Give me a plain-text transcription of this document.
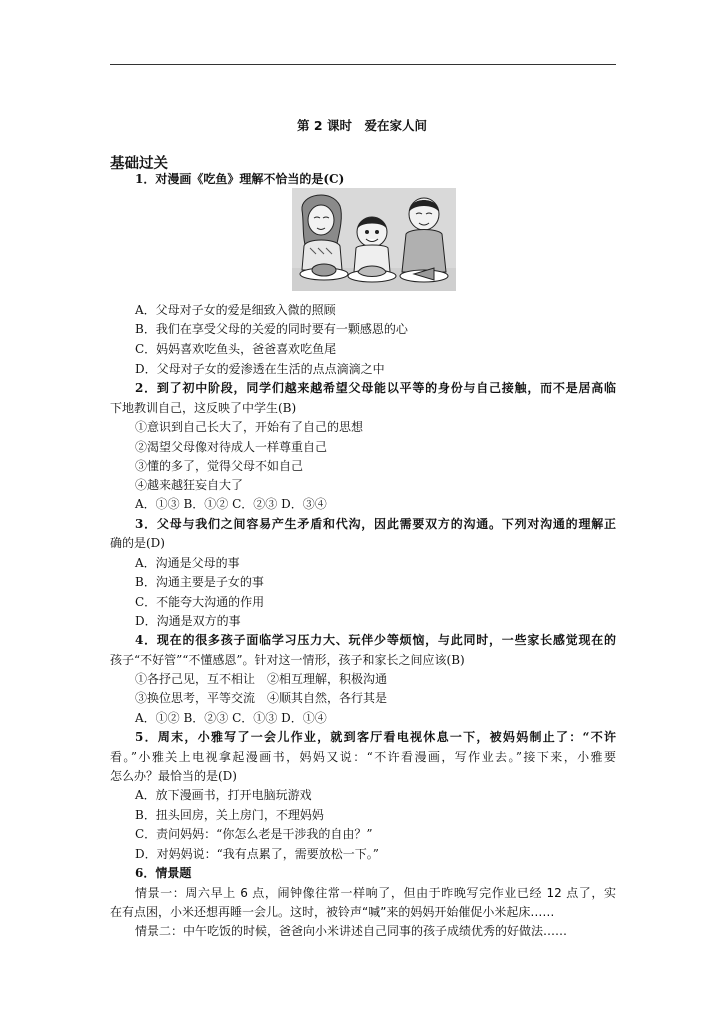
第 2 课时　爱在家人间
基础过关
1．对漫画《吃鱼》理解不恰当的是(C)
A．父母对子女的爱是细致入微的照顾
B．我们在享受父母的关爱的同时要有一颗感恩的心
C．妈妈喜欢吃鱼头，爸爸喜欢吃鱼尾
D．父母对子女的爱渗透在生活的点点滴滴之中
2．到了初中阶段，同学们越来越希望父母能以平等的身份与自己接触，而不是居高临
下地教训自己，这反映了中学生(B)
①意识到自己长大了，开始有了自己的思想
②渴望父母像对待成人一样尊重自己
③懂的多了，觉得父母不如自己
④越来越狂妄自大了
A．①③ B．①② C．②③ D．③④
3．父母与我们之间容易产生矛盾和代沟，因此需要双方的沟通。下列对沟通的理解正
确的是(D)
A．沟通是父母的事
B．沟通主要是子女的事
C．不能夸大沟通的作用
D．沟通是双方的事
4．现在的很多孩子面临学习压力大、玩伴少等烦恼，与此同时，一些家长感觉现在的
孩子“不好管”“不懂感恩”。针对这一情形，孩子和家长之间应该(B)
①各抒己见，互不相让　②相互理解，积极沟通
③换位思考，平等交流　④顺其自然，各行其是
A．①② B．②③ C．①③ D．①④
5．周末，小雅写了一会儿作业，就到客厅看电视休息一下，被妈妈制止了：“不许
看。”小雅关上电视拿起漫画书，妈妈又说：“不许看漫画，写作业去。”接下来，小雅要
怎么办？最恰当的是(D)
A．放下漫画书，打开电脑玩游戏
B．扭头回房，关上房门，不理妈妈
C．责问妈妈：“你怎么老是干涉我的自由？”
D．对妈妈说：“我有点累了，需要放松一下。”
6．情景题
情景一：周六早上 6 点，闹钟像往常一样响了，但由于昨晚写完作业已经 12 点了，实
在有点困，小米还想再睡一会儿。这时，被铃声“喊”来的妈妈开始催促小米起床……
情景二：中午吃饭的时候，爸爸向小米讲述自己同事的孩子成绩优秀的好做法……
